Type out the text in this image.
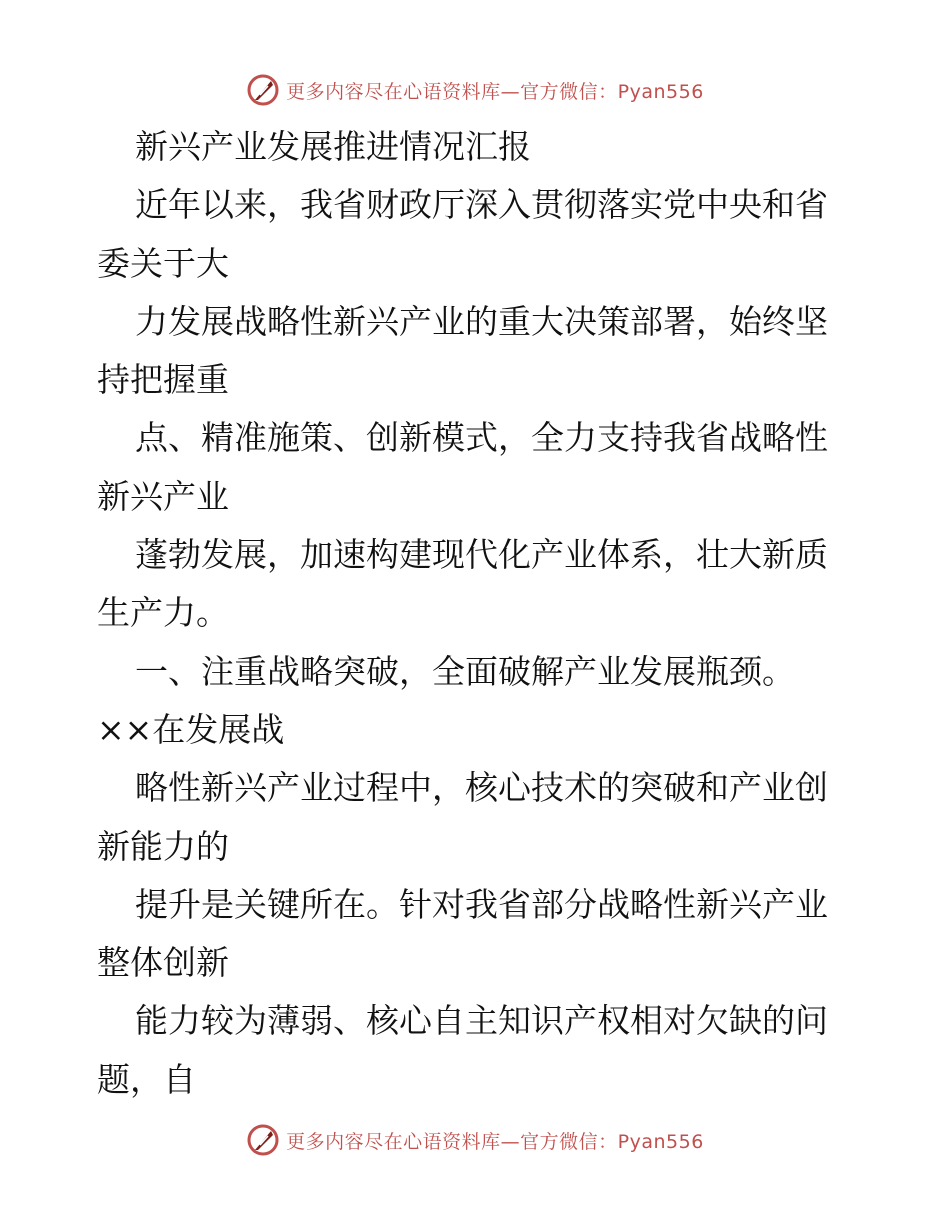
更多内容尽在心语资料库—官方微信：Pyan556
新兴产业发展推进情况汇报
近年以来，我省财政厅深入贯彻落实党中央和省
委关于大
力发展战略性新兴产业的重大决策部署，始终坚
持把握重
点、精准施策、创新模式，全力支持我省战略性
新兴产业
蓬勃发展，加速构建现代化产业体系，壮大新质
生产力。
一、注重战略突破，全面破解产业发展瓶颈。
××在发展战
略性新兴产业过程中，核心技术的突破和产业创
新能力的
提升是关键所在。针对我省部分战略性新兴产业
整体创新
能力较为薄弱、核心自主知识产权相对欠缺的问
题，自
更多内容尽在心语资料库—官方微信：Pyan556
